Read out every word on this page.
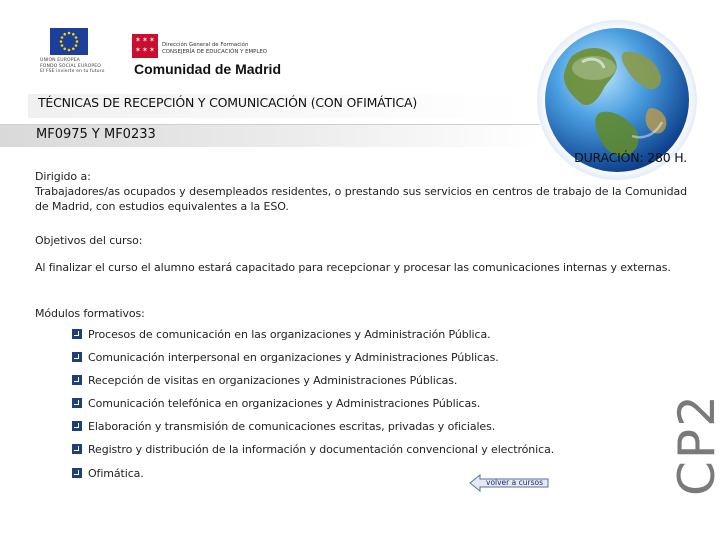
UNION EUROPEA
FONDO SOCIAL EUROPEO
El FSE invierte en tu futuro
✶ ✶ ✶
✶ ✶ ✶
Dirección General de Formación
CONSEJERÍA DE EDUCACIÓN Y EMPLEO
Comunidad de Madrid
TÉCNICAS DE RECEPCIÓN Y COMUNICACIÓN (CON OFIMÁTICA)
MF0975 Y MF0233
DURACIÓN: 280 H.
Dirigido a:
Trabajadores/as ocupados y desempleados residentes, o prestando sus servicios en centros de trabajo de la Comunidad de Madrid, con estudios equivalentes a la ESO.
Objetivos del curso:
Al finalizar el curso el alumno estará capacitado para recepcionar y procesar las comunicaciones internas y externas.
Módulos formativos:
Procesos de comunicación en las organizaciones y Administración Pública.
Comunicación interpersonal en organizaciones y Administraciones Públicas.
Recepción de visitas en organizaciones y Administraciones Públicas.
Comunicación telefónica en organizaciones y Administraciones Públicas.
Elaboración y transmisión de comunicaciones escritas, privadas y oficiales.
Registro y distribución de la información y documentación convencional y electrónica.
Ofimática.	CP2
volver a cursos
